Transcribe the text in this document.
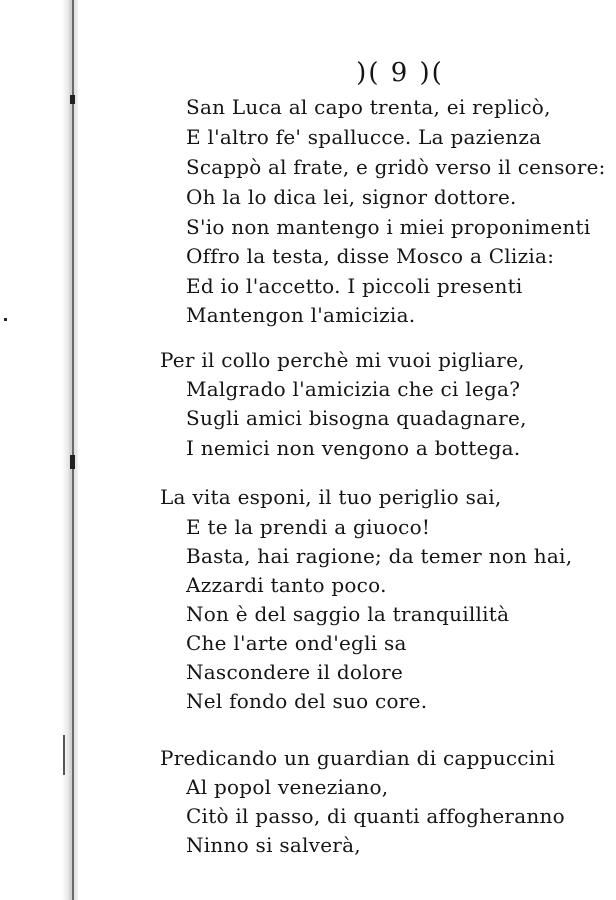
)( 9 )(
San Luca al capo trenta, ei replicò,
E l'altro fe' spallucce. La pazienza
Scappò al frate, e gridò verso il censore:
Oh la lo dica lei, signor dottore.
S'io non mantengo i miei proponimenti
Offro la testa, disse Mosco a Clizia:
Ed io l'accetto. I piccoli presenti
Mantengon l'amicizia.
Per il collo perchè mi vuoi pigliare,
Malgrado l'amicizia che ci lega?
Sugli amici bisogna quadagnare,
I nemici non vengono a bottega.
La vita esponi, il tuo periglio sai,
E te la prendi a giuoco!
Basta, hai ragione; da temer non hai,
Azzardi tanto poco.
Non è del saggio la tranquillità
Che l'arte ond'egli sa
Nascondere il dolore
Nel fondo del suo core.
Predicando un guardian di cappuccini
Al popol veneziano,
Citò il passo, di quanti affogheranno
Ninno si salverà,
